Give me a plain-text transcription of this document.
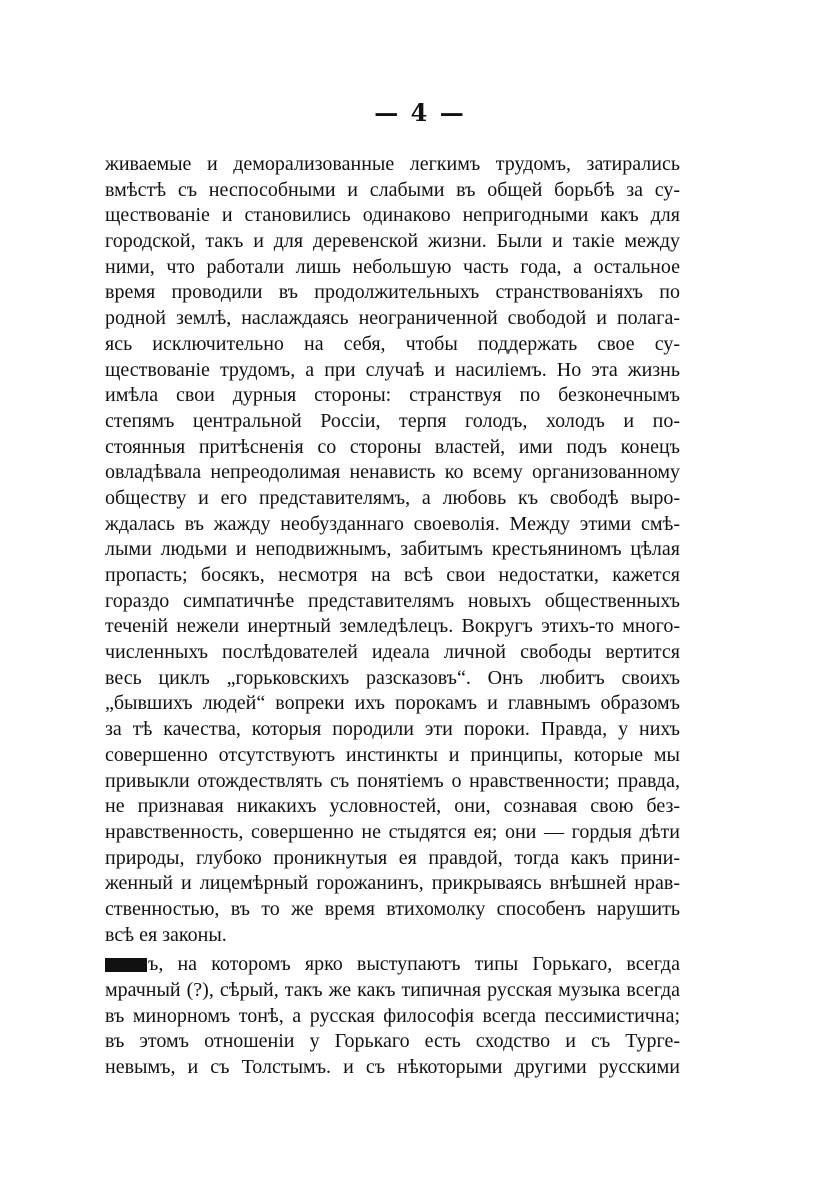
— 4 —
живаемые и деморализованные легкимъ трудомъ, затирались
вмѣстѣ съ неспособными и слабыми въ общей борьбѣ за су-
ществованіе и становились одинаково непригодными какъ для
городской, такъ и для деревенской жизни. Были и такіе между
ними, что работали лишь небольшую часть года, а остальное
время проводили въ продолжительныхъ странствованіяхъ по
родной землѣ, наслаждаясь неограниченной свободой и полага-
ясь исключительно на себя, чтобы поддержать свое су-
ществованіе трудомъ, а при случаѣ и насиліемъ. Но эта жизнь
имѣла свои дурныя стороны: странствуя по безконечнымъ
степямъ центральной Россіи, терпя голодъ, холодъ и по-
стоянныя притѣсненія со стороны властей, ими подъ конецъ
овладѣвала непреодолимая ненависть ко всему организованному
обществу и его представителямъ, а любовь къ свободѣ выро-
ждалась въ жажду необузданнаго своеволія. Между этими смѣ-
лыми людьми и неподвижнымъ, забитымъ крестьяниномъ цѣлая
пропасть; босякъ, несмотря на всѣ свои недостатки, кажется
гораздо симпатичнѣе представителямъ новыхъ общественныхъ
теченій нежели инертный земледѣлецъ. Вокругъ этихъ-то много-
численныхъ послѣдователей идеала личной свободы вертится
весь циклъ „горьковскихъ разсказовъ“. Онъ любитъ своихъ
„бывшихъ людей“ вопреки ихъ порокамъ и главнымъ образомъ
за тѣ качества, которыя породили эти пороки. Правда, у нихъ
совершенно отсутствуютъ инстинкты и принципы, которые мы
привыкли отождествлять съ понятіемъ о нравственности; правда,
не признавая никакихъ условностей, они, сознавая свою без-
нравственность, совершенно не стыдятся ея; они — гордыя дѣти
природы, глубоко проникнутыя ея правдой, тогда какъ прини-
женный и лицемѣрный горожанинъ, прикрываясь внѣшней нрав-
ственностью, въ то же время втихомолку способенъ нарушить
всѣ ея законы.
ъ, на которомъ ярко выступаютъ типы Горькаго, всегда
мрачный (?), сѣрый, такъ же какъ типичная русская музыка всегда
въ минорномъ тонѣ, а русская философія всегда пессимистична;
въ этомъ отношеніи у Горькаго есть сходство и съ Турге-
невымъ, и съ Толстымъ. и съ нѣкоторыми другими русскими
